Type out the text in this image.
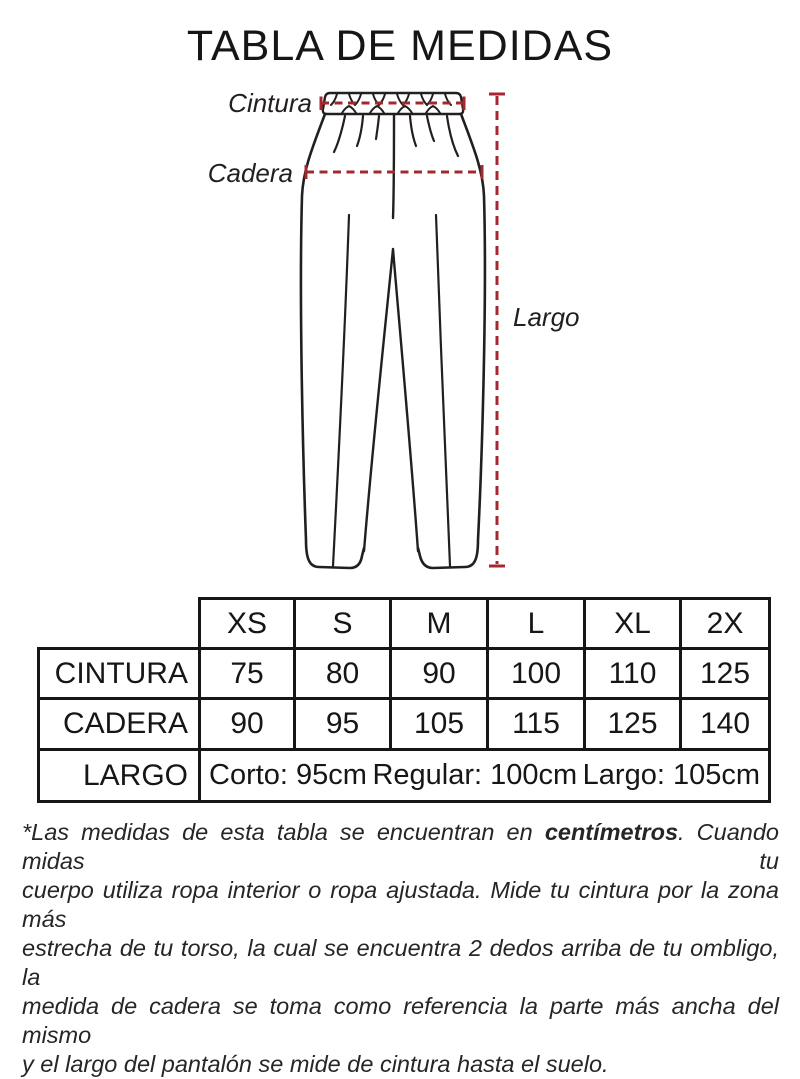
TABLA DE MEDIDAS
Cintura
Cadera
Largo
	XS	S	M	L	XL	2X
CINTURA	75	80	90	100	110	125
CADERA	90	95	105	115	125	140
LARGO	Corto: 95cm Regular: 100cm Largo: 105cm					
*Las medidas de esta tabla se encuentran en centímetros. Cuando midas tu
cuerpo utiliza ropa interior o ropa ajustada. Mide tu cintura por la zona más
estrecha de tu torso, la cual se encuentra 2 dedos arriba de tu ombligo, la
medida de cadera se toma como referencia la parte más ancha del mismo
y el largo del pantalón se mide de cintura hasta el suelo.
